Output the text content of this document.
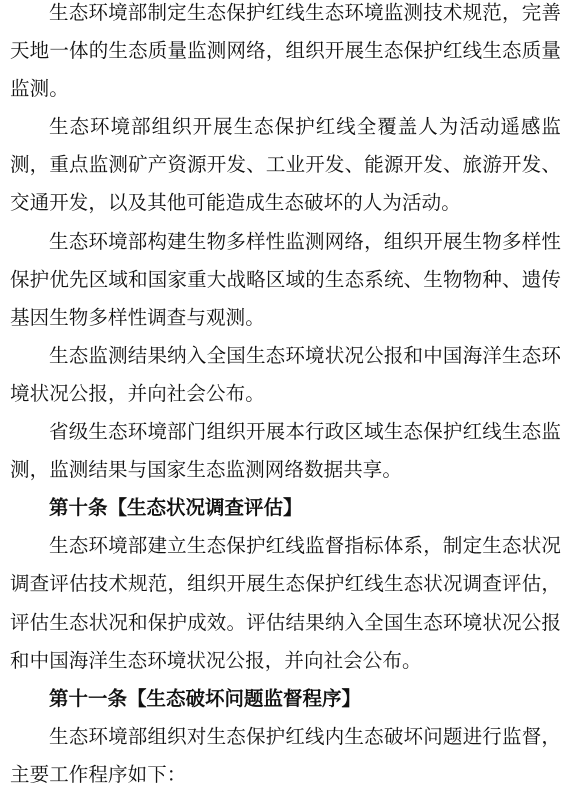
生态环境部制定生态保护红线生态环境监测技术规范，完善天地一体的生态质量监测网络，组织开展生态保护红线生态质量监测。

生态环境部组织开展生态保护红线全覆盖人为活动遥感监测，重点监测矿产资源开发、工业开发、能源开发、旅游开发、交通开发，以及其他可能造成生态破坏的人为活动。

生态环境部构建生物多样性监测网络，组织开展生物多样性保护优先区域和国家重大战略区域的生态系统、生物物种、遗传基因生物多样性调查与观测。

生态监测结果纳入全国生态环境状况公报和中国海洋生态环境状况公报，并向社会公布。

省级生态环境部门组织开展本行政区域生态保护红线生态监测，监测结果与国家生态监测网络数据共享。

第十条【生态状况调查评估】

生态环境部建立生态保护红线监督指标体系，制定生态状况调查评估技术规范，组织开展生态保护红线生态状况调查评估，评估生态状况和保护成效。评估结果纳入全国生态环境状况公报和中国海洋生态环境状况公报，并向社会公布。

第十一条【生态破坏问题监督程序】

生态环境部组织对生态保护红线内生态破坏问题进行监督，主要工作程序如下：
